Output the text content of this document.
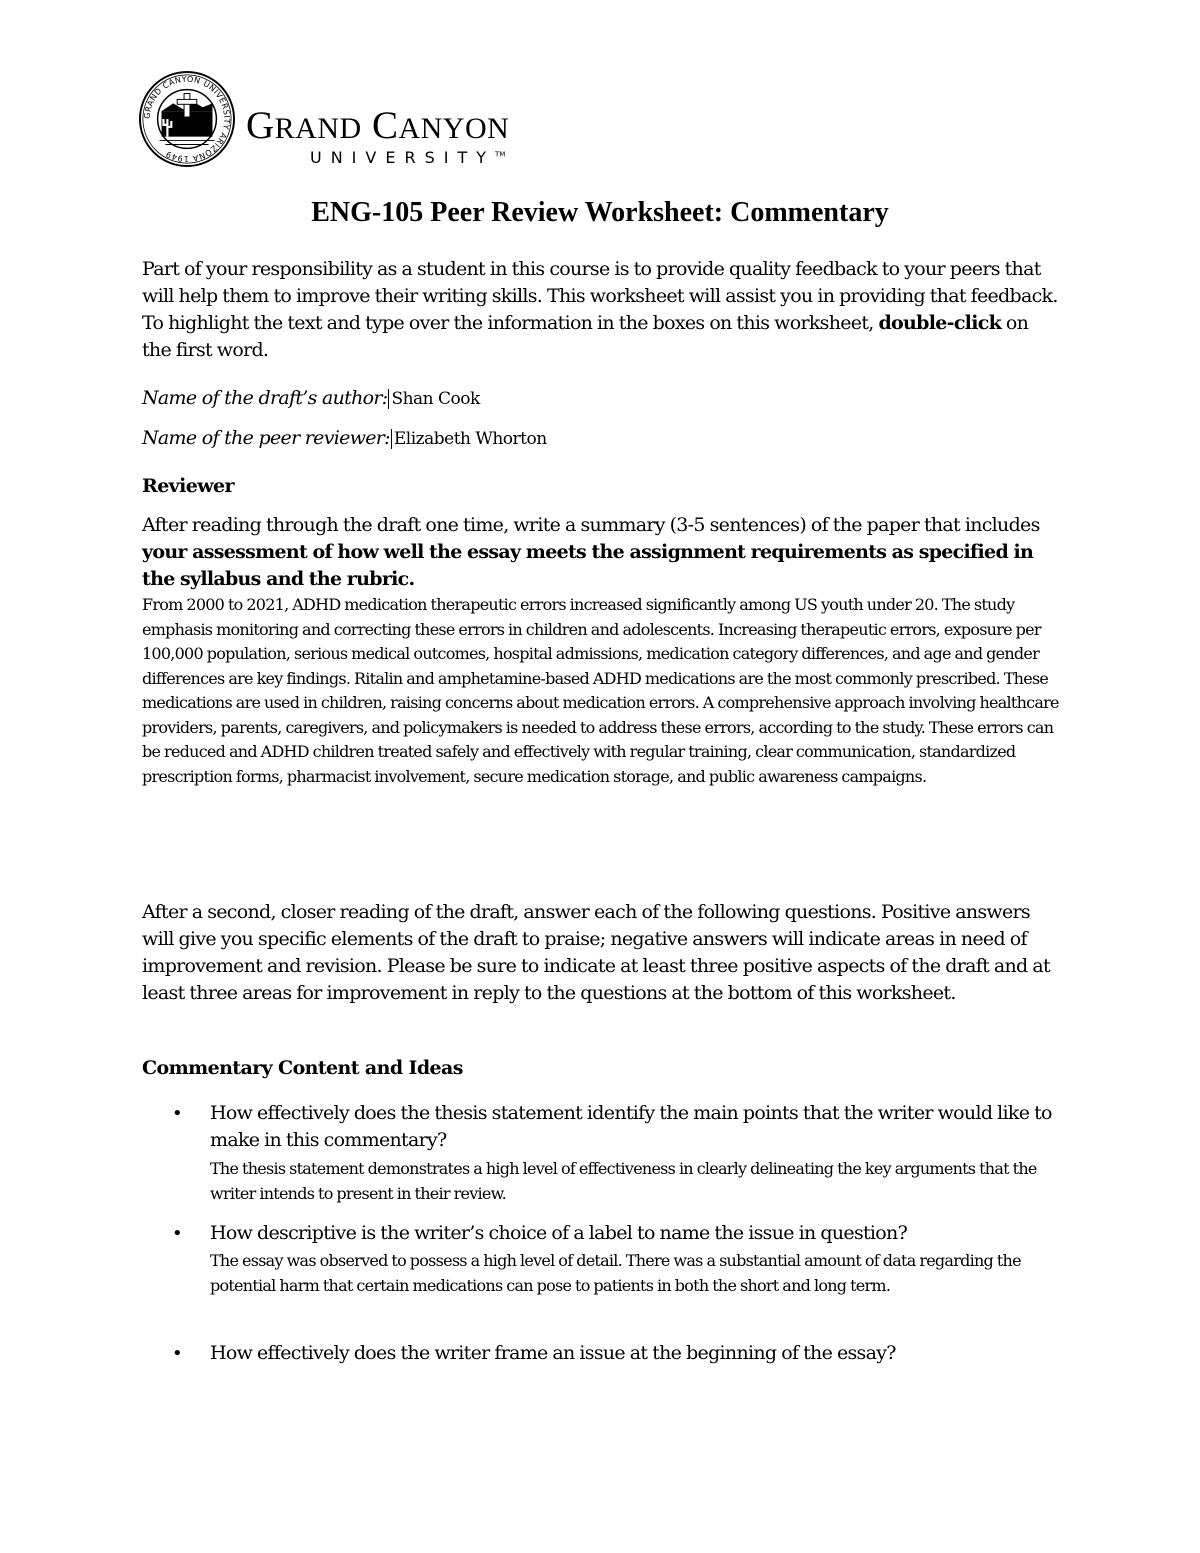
GRAND CANYON UNIVERSITY ARIZONA 1949
GRAND CANYON
UNIVERSITY™
ENG-105 Peer Review Worksheet: Commentary

Part of your responsibility as a student in this course is to provide quality feedback to your peers that will help them to improve their writing skills. This worksheet will assist you in providing that feedback. To highlight the text and type over the information in the boxes on this worksheet, double-click on the first word.

Name of the draft’s author: Shan Cook
Name of the peer reviewer: Elizabeth Whorton
Reviewer

After reading through the draft one time, write a summary (3-5 sentences) of the paper that includes your assessment of how well the essay meets the assignment requirements as specified in the syllabus and the rubric.

From 2000 to 2021, ADHD medication therapeutic errors increased significantly among US youth under 20. The study emphasis monitoring and correcting these errors in children and adolescents. Increasing therapeutic errors, exposure per 100,000 population, serious medical outcomes, hospital admissions, medication category differences, and age and gender differences are key findings. Ritalin and amphetamine-based ADHD medications are the most commonly prescribed. These medications are used in children, raising concerns about medication errors. A comprehensive approach involving healthcare providers, parents, caregivers, and policymakers is needed to address these errors, according to the study. These errors can be reduced and ADHD children treated safely and effectively with regular training, clear communication, standardized prescription forms, pharmacist involvement, secure medication storage, and public awareness campaigns.

After a second, closer reading of the draft, answer each of the following questions. Positive answers will give you specific elements of the draft to praise; negative answers will indicate areas in need of improvement and revision. Please be sure to indicate at least three positive aspects of the draft and at least three areas for improvement in reply to the questions at the bottom of this worksheet.

Commentary Content and Ideas
• How effectively does the thesis statement identify the main points that the writer would like to make in this commentary?

The thesis statement demonstrates a high level of effectiveness in clearly delineating the key arguments that the writer intends to present in their review.

• How descriptive is the writer’s choice of a label to name the issue in question?

The essay was observed to possess a high level of detail. There was a substantial amount of data regarding the potential harm that certain medications can pose to patients in both the short and long term.

• How effectively does the writer frame an issue at the beginning of the essay?
